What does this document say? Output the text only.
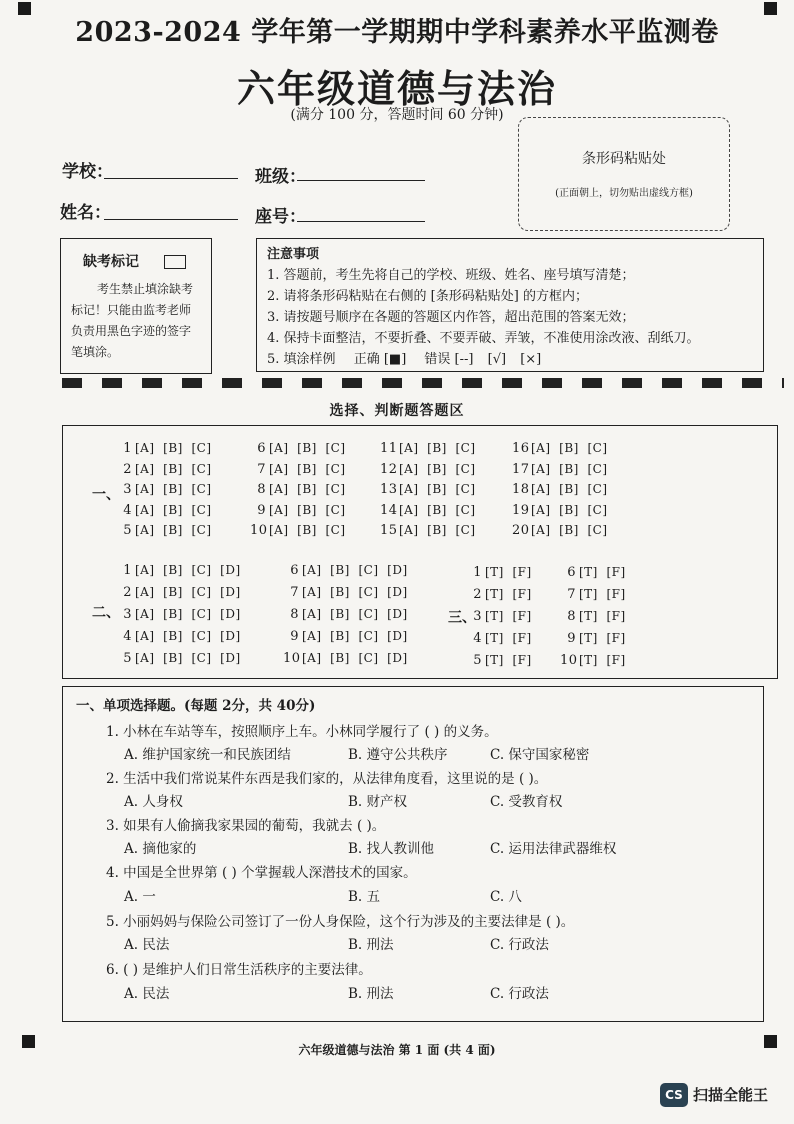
2023-2024 学年第一学期期中学科素养水平监测卷
六年级道德与法治
(满分 100 分，答题时间 60 分钟)
学校：	班级：
姓名：	座号：
条形码粘贴处
(正面朝上，切勿贴出虚线方框)
缺考标记
考生禁止填涂缺考
标记！只能由监考老师
负责用黑色字迹的签字
笔填涂。
注意事项
1. 答题前，考生先将自己的学校、班级、姓名、座号填写清楚；
2. 请将条形码粘贴在右侧的 [条形码粘贴处] 的方框内；
3. 请按题号顺序在各题的答题区内作答，超出范围的答案无效；
4. 保持卡面整洁，不要折叠、不要弄破、弄皱，不准使用涂改液、刮纸刀。
5. 填涂样例 正确 [■] 错误 [--] [√] [×]
选择、判断题答题区
一、
1 [A]  [B]  [C]
2 [A]  [B]  [C]
3 [A]  [B]  [C]
4 [A]  [B]  [C]
5 [A]  [B]  [C]
6 [A]  [B]  [C]
7 [A]  [B]  [C]
8 [A]  [B]  [C]
9 [A]  [B]  [C]
10[A]  [B]  [C]
11[A]  [B]  [C]
12[A]  [B]  [C]
13[A]  [B]  [C]
14[A]  [B]  [C]
15[A]  [B]  [C]
16[A]  [B]  [C]
17[A]  [B]  [C]
18[A]  [B]  [C]
19[A]  [B]  [C]
20[A]  [B]  [C]
二、
1 [A]  [B]  [C]  [D]
2 [A]  [B]  [C]  [D]
3 [A]  [B]  [C]  [D]
4 [A]  [B]  [C]  [D]
5 [A]  [B]  [C]  [D]
6 [A]  [B]  [C]  [D]
7 [A]  [B]  [C]  [D]
8 [A]  [B]  [C]  [D]
9 [A]  [B]  [C]  [D]
10[A]  [B]  [C]  [D]
三、
1 [T]  [F]
2 [T]  [F]
3 [T]  [F]
4 [T]  [F]
5 [T]  [F]
6 [T]  [F]
7 [T]  [F]
8 [T]  [F]
9 [T]  [F]
10[T]  [F]
一、单项选择题。(每题 2分，共 40分)
1. 小林在车站等车，按照顺序上车。小林同学履行了 ( ) 的义务。
A. 维护国家统一和民族团结	B. 遵守公共秩序	C. 保守国家秘密
2. 生活中我们常说某件东西是我们家的，从法律角度看，这里说的是 ( )。
A. 人身权	B. 财产权	C. 受教育权
3. 如果有人偷摘我家果园的葡萄，我就去 ( )。
A. 摘他家的	B. 找人教训他	C. 运用法律武器维权
4. 中国是全世界第 ( ) 个掌握载人深潜技术的国家。
A. 一	B. 五	C. 八
5. 小丽妈妈与保险公司签订了一份人身保险，这个行为涉及的主要法律是 ( )。
A. 民法	B. 刑法	C. 行政法
6. ( ) 是维护人们日常生活秩序的主要法律。
A. 民法	B. 刑法	C. 行政法
六年级道德与法治 第 1 面 (共 4 面)
CS 扫描全能王
